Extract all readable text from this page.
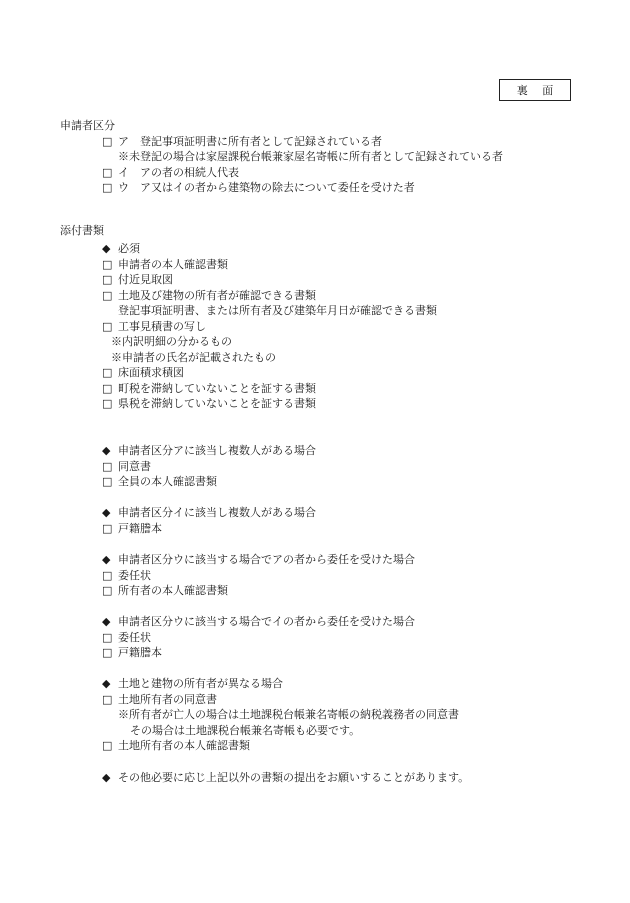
裏 面
申請者区分
□ ア　登記事項証明書に所有者として記録されている者
※未登記の場合は家屋課税台帳兼家屋名寄帳に所有者として記録されている者
□ イ　アの者の相続人代表
□ ウ　ア又はイの者から建築物の除去について委任を受けた者
添付書類
◆ 必須
□ 申請者の本人確認書類
□ 付近見取図
□ 土地及び建物の所有者が確認できる書類
登記事項証明書、または所有者及び建築年月日が確認できる書類
□ 工事見積書の写し
※内訳明細の分かるもの
※申請者の氏名が記載されたもの
□ 床面積求積図
□ 町税を滞納していないことを証する書類
□ 県税を滞納していないことを証する書類
◆ 申請者区分アに該当し複数人がある場合
□ 同意書
□ 全員の本人確認書類
◆ 申請者区分イに該当し複数人がある場合
□ 戸籍謄本
◆ 申請者区分ウに該当する場合でアの者から委任を受けた場合
□ 委任状
□ 所有者の本人確認書類
◆ 申請者区分ウに該当する場合でイの者から委任を受けた場合
□ 委任状
□ 戸籍謄本
◆ 土地と建物の所有者が異なる場合
□ 土地所有者の同意書
※所有者が亡人の場合は土地課税台帳兼名寄帳の納税義務者の同意書
その場合は土地課税台帳兼名寄帳も必要です。
□ 土地所有者の本人確認書類
◆ その他必要に応じ上記以外の書類の提出をお願いすることがあります。
